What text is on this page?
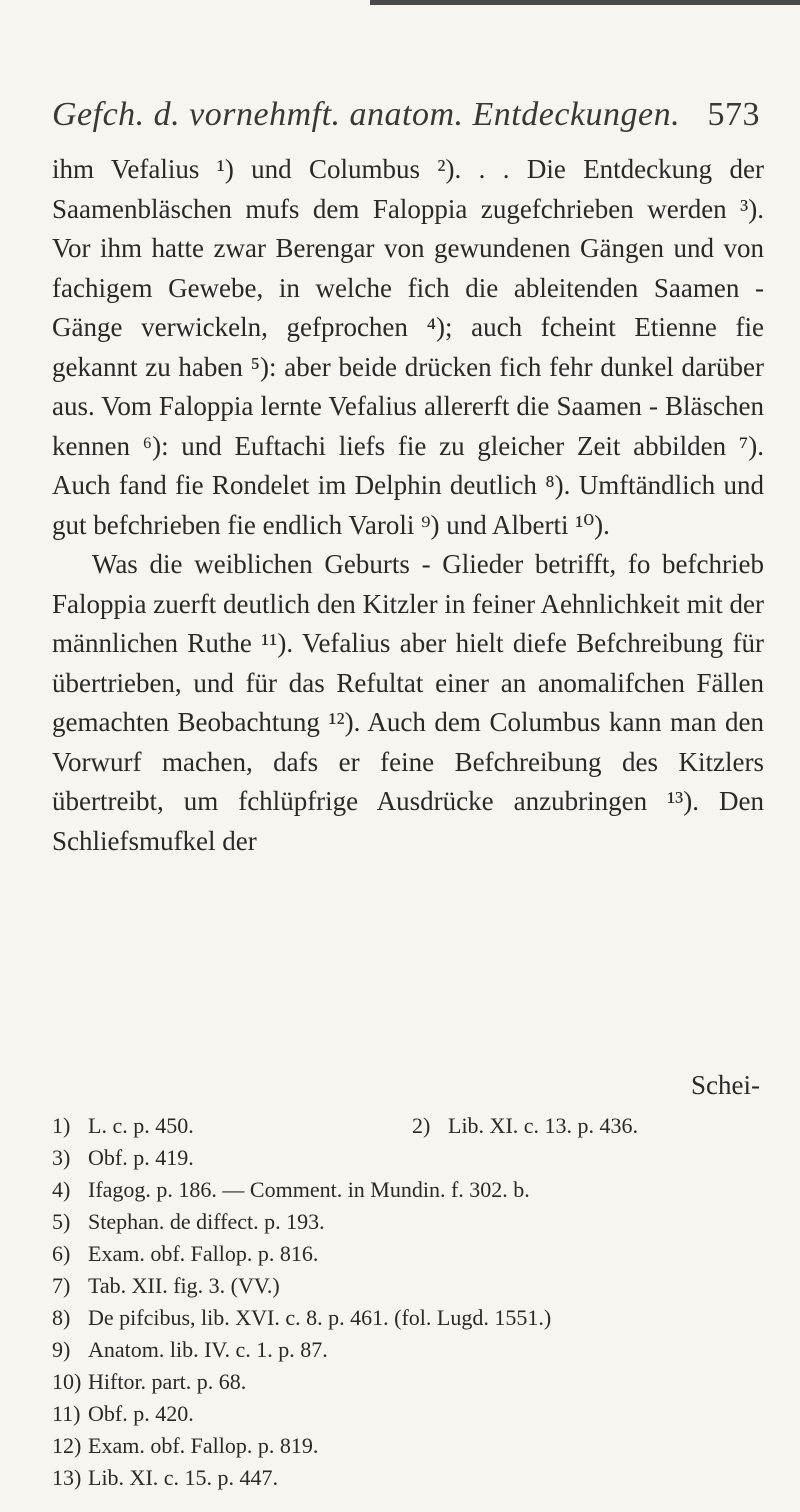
Gefch. d. vornehmft. anatom. Entdeckungen. 573

ihm Vefalius ¹) und Columbus ²). . . Die Entdeckung der Saamenbläschen mufs dem Faloppia zugefchrieben werden ³). Vor ihm hatte zwar Berengar von gewundenen Gängen und von fachigem Gewebe, in welche fich die ableitenden Saamen - Gänge verwickeln, gefprochen ⁴); auch fcheint Etienne fie gekannt zu haben ⁵): aber beide drücken fich fehr dunkel darüber aus. Vom Faloppia lernte Vefalius allererft die Saamen - Bläschen kennen ⁶): und Euftachi liefs fie zu gleicher Zeit abbilden ⁷). Auch fand fie Rondelet im Delphin deutlich ⁸). Umftändlich und gut befchrieben fie endlich Varoli ⁹) und Alberti ¹⁰).

Was die weiblichen Geburts - Glieder betrifft, fo befchrieb Faloppia zuerft deutlich den Kitzler in feiner Aehnlichkeit mit der männlichen Ruthe ¹¹). Vefalius aber hielt diefe Befchreibung für übertrieben, und für das Refultat einer an anomalifchen Fällen gemachten Beobachtung ¹²). Auch dem Columbus kann man den Vorwurf machen, dafs er feine Befchreibung des Kitzlers übertreibt, um fchlüpfrige Ausdrücke anzubringen ¹³). Den Schliefsmufkel der

Schei-
1) L. c. p. 450.	2) Lib. XI. c. 13. p. 436.
3) Obf. p. 419.
4) Ifagog. p. 186. — Comment. in Mundin. f. 302. b.
5) Stephan. de diffect. p. 193.
6) Exam. obf. Fallop. p. 816.
7) Tab. XII. fig. 3. (VV.)
8) De pifcibus, lib. XVI. c. 8. p. 461. (fol. Lugd. 1551.)
9) Anatom. lib. IV. c. 1. p. 87.
10) Hiftor. part. p. 68.
11) Obf. p. 420.
12) Exam. obf. Fallop. p. 819.
13) Lib. XI. c. 15. p. 447.
